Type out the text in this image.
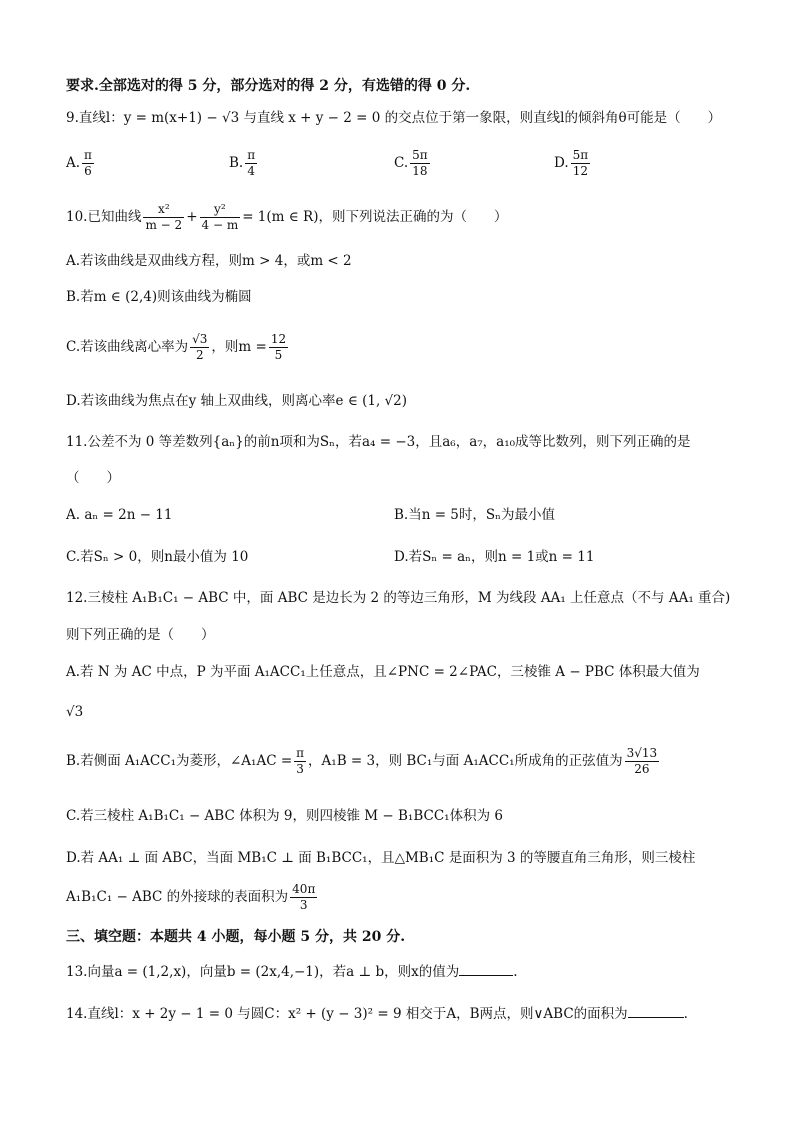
要求.全部选对的得 5 分，部分选对的得 2 分，有选错的得 0 分.
9.直线l：y = m(x+1) − √3 与直线 x + y − 2 = 0 的交点位于第一象限，则直线l的倾斜角θ可能是（　　）
A. $\frac{\pi}{6}$	B. $\frac{\pi}{4}$	C. $\frac{5\pi}{18}$	D. $\frac{5\pi}{12}$
10.已知曲线 $\frac{\text{x²}}{m - 2} + \frac{\text{y²}}{4 - m} = 1(m$ ∈ R)，则下列说法正确的为（　　）
A.若该曲线是双曲线方程，则m > 4，或m < 2
B.若m ∈ (2,4)则该曲线为椭圆
C.若该曲线离心率为 $\frac{√3}{2}$ ，则$m = \frac{12}{5}$
D.若该曲线为焦点在y 轴上双曲线，则离心率e ∈ (1, √2)
11.公差不为 0 等差数列{aₙ}的前n项和为Sₙ，若a₄ = −3，且a₆，a₇，a₁₀成等比数列，则下列正确的是
（　　）
A. aₙ = 2n − 11	B.当n = 5时，Sₙ为最小值
C.若Sₙ > 0，则n最小值为 10	D.若Sₙ = aₙ，则n = 1或n = 11
12.三棱柱 A₁B₁C₁ − ABC 中，面 ABC 是边长为 2 的等边三角形，M 为线段 AA₁ 上任意点（不与 AA₁ 重合)
则下列正确的是（　　）
A.若 N 为 AC 中点，P 为平面 A₁ACC₁上任意点，且∠PNC = 2∠PAC，三棱锥 A − PBC 体积最大值为
√3
B.若侧面 A₁ACC₁为菱形，∠A₁AC = $\frac{\pi}{3}$ ，A₁B = 3，则 BC₁与面 A₁ACC₁所成角的正弦值为 $\frac{3√13}{26}$
C.若三棱柱 A₁B₁C₁ − ABC 体积为 9，则四棱锥 M − B₁BCC₁体积为 6
D.若 AA₁ ⊥ 面 ABC，当面 MB₁C ⊥ 面 B₁BCC₁，且△MB₁C 是面积为 3 的等腰直角三角形，则三棱柱
A₁B₁C₁ − ABC 的外接球的表面积为 $\frac{40\pi}{3}$
三、填空题：本题共 4 小题，每小题 5 分，共 20 分.
13.向量a = (1,2,x)，向量b = (2x,4,−1)，若a ⊥ b，则x的值为	.
14.直线l：x + 2y − 1 = 0 与圆C：x² + (y − 3)² = 9 相交于A，B两点，则∨ABC的面积为	.
